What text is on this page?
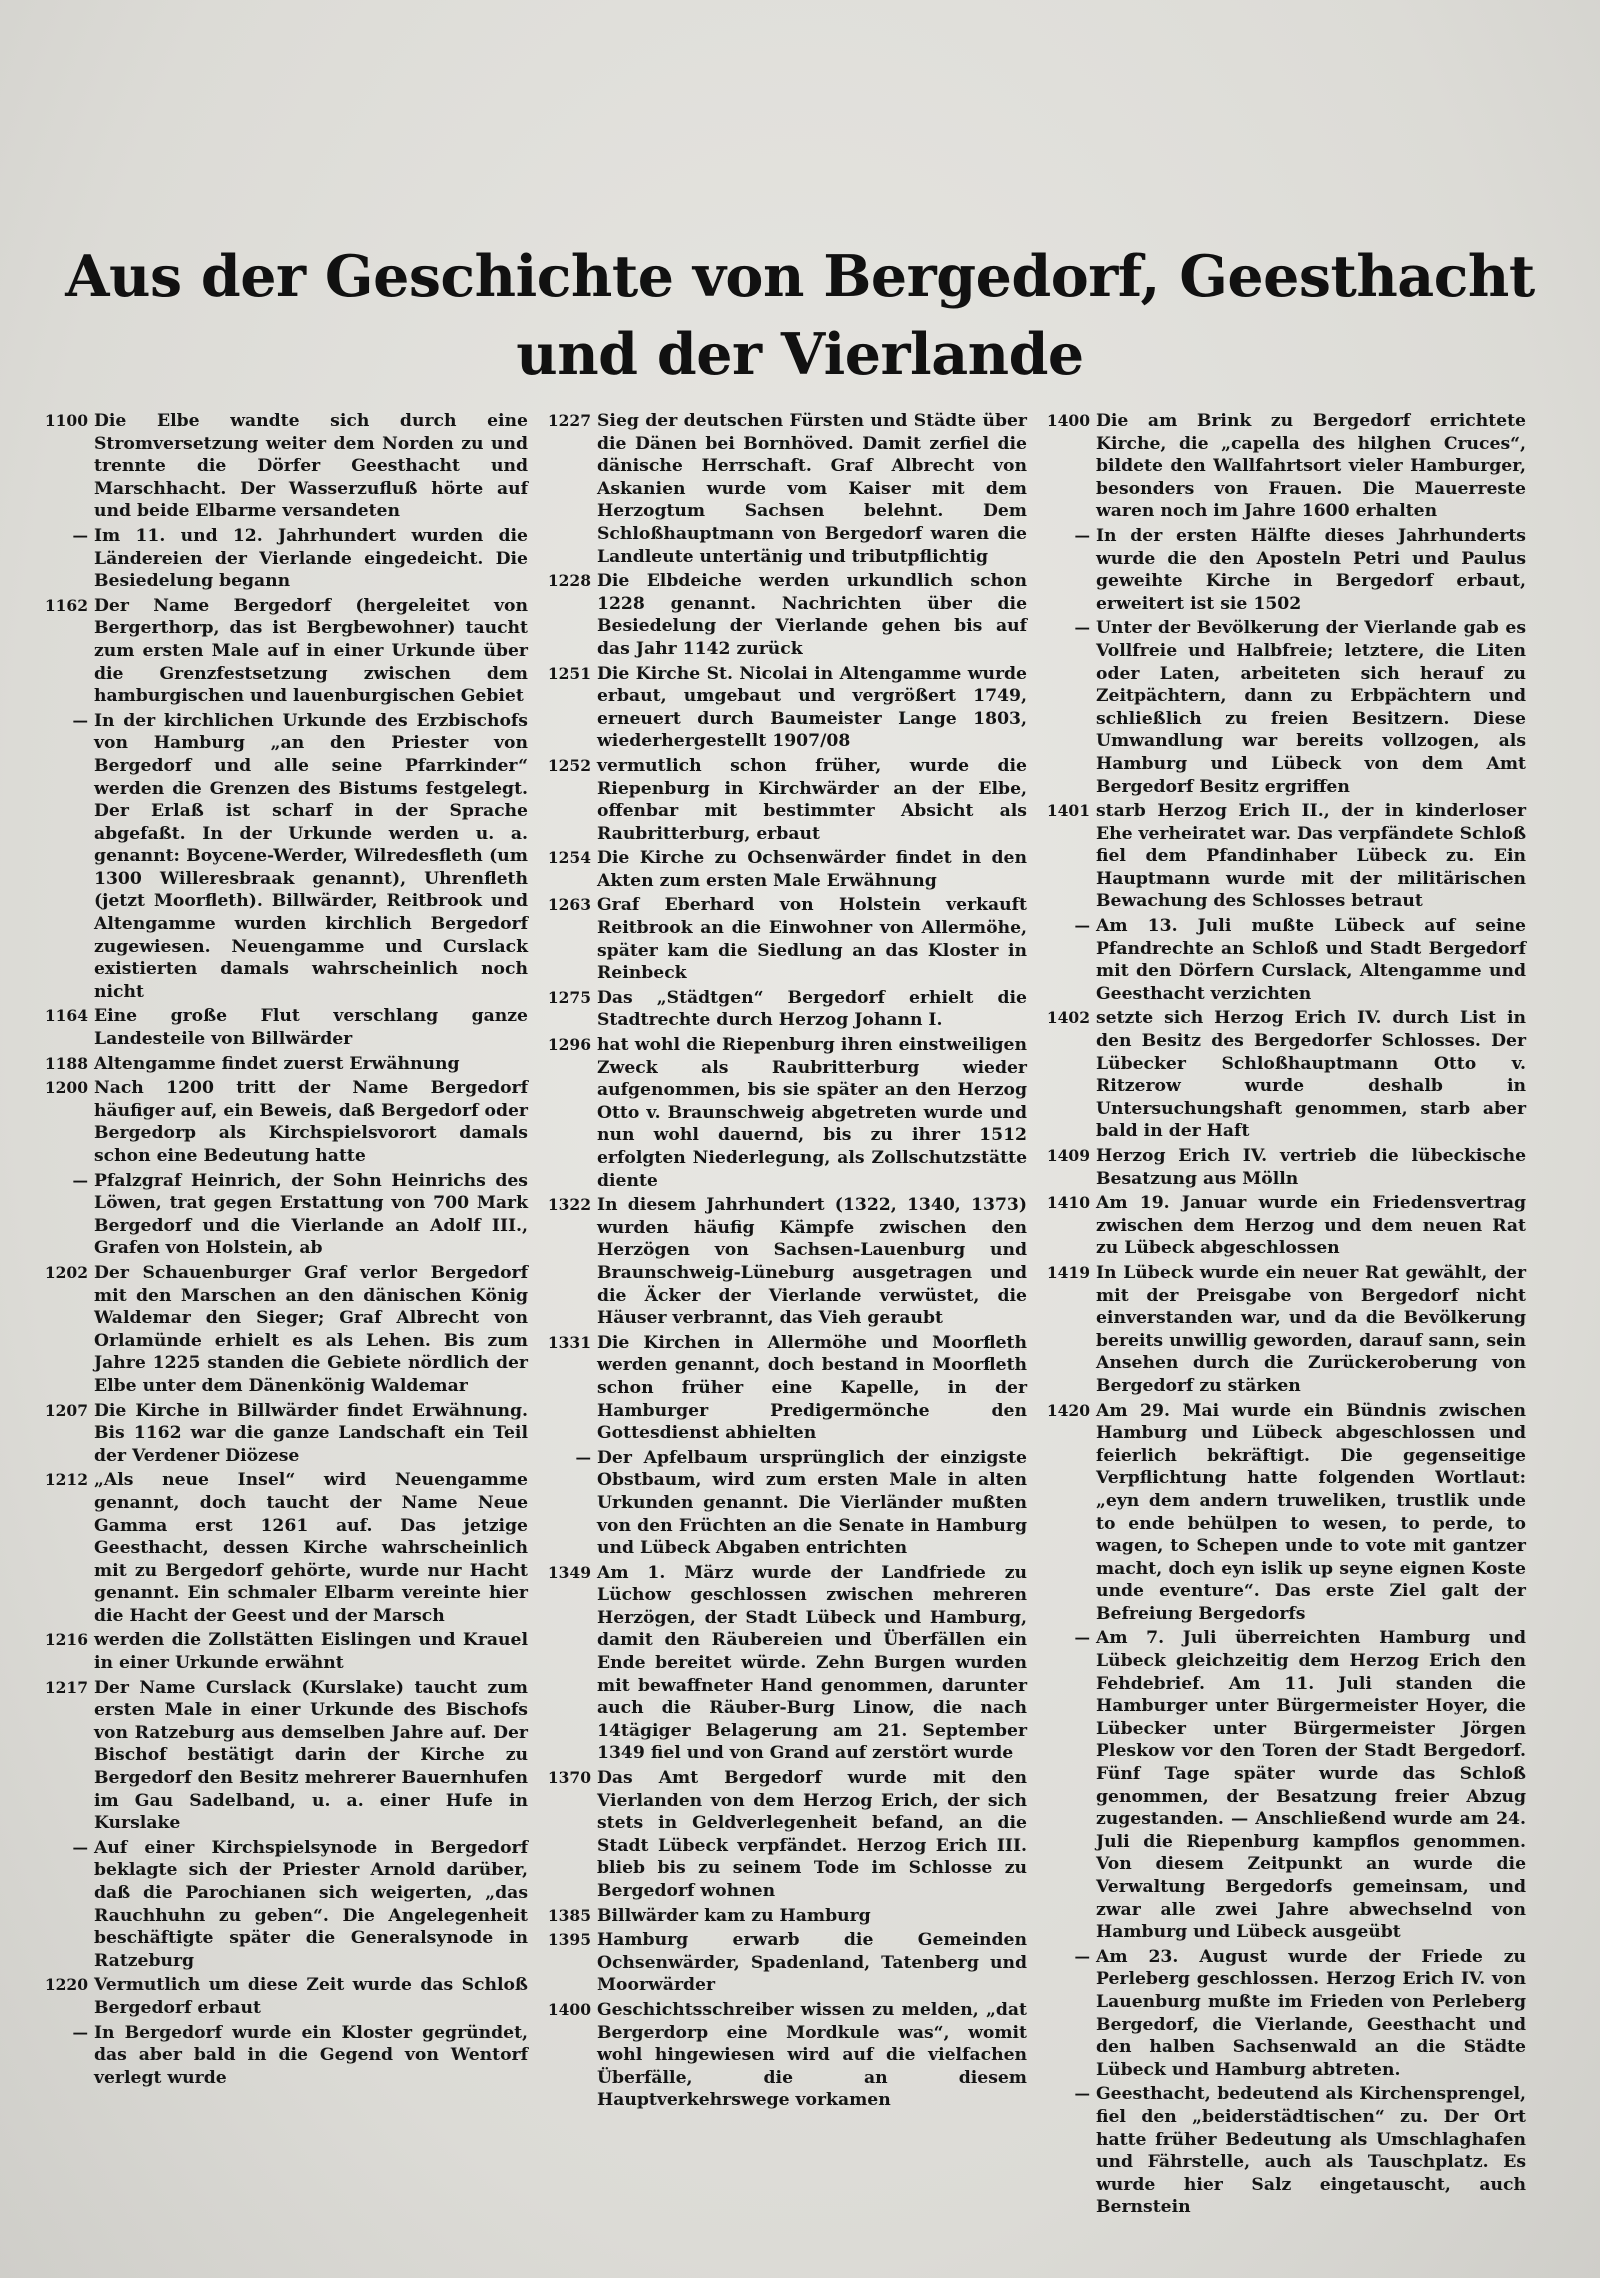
Aus der Geschichte von Bergedorf, Geesthacht
und der Vierlande
1100 Die Elbe wandte sich durch eine Stromversetzung weiter dem Norden zu und trennte die Dörfer Geesthacht und Marschhacht. Der Wasserzufluß hörte auf und beide Elbarme versandeten
— Im 11. und 12. Jahrhundert wurden die Ländereien der Vierlande eingedeicht. Die Besiedelung begann
1162 Der Name Bergedorf (hergeleitet von Bergerthorp, das ist Bergbewohner) taucht zum ersten Male auf in einer Urkunde über die Grenzfestsetzung zwischen dem hamburgischen und lauenburgischen Gebiet
— In der kirchlichen Urkunde des Erzbischofs von Hamburg „an den Priester von Bergedorf und alle seine Pfarrkinder“ werden die Grenzen des Bistums festgelegt. Der Erlaß ist scharf in der Sprache abgefaßt. In der Urkunde werden u. a. genannt: Boycene-Werder, Wilredesfleth (um 1300 Willeresbraak genannt), Uhrenfleth (jetzt Moorfleth). Billwärder, Reitbrook und Altengamme wurden kirchlich Bergedorf zugewiesen. Neuengamme und Curslack existierten damals wahrscheinlich noch nicht
1164 Eine große Flut verschlang ganze Landesteile von Billwärder
1188 Altengamme findet zuerst Erwähnung
1200 Nach 1200 tritt der Name Bergedorf häufiger auf, ein Beweis, daß Bergedorf oder Bergedorp als Kirchspielsvorort damals schon eine Bedeutung hatte
— Pfalzgraf Heinrich, der Sohn Heinrichs des Löwen, trat gegen Erstattung von 700 Mark Bergedorf und die Vierlande an Adolf III., Grafen von Holstein, ab
1202 Der Schauenburger Graf verlor Bergedorf mit den Marschen an den dänischen König Waldemar den Sieger; Graf Albrecht von Orlamünde erhielt es als Lehen. Bis zum Jahre 1225 standen die Gebiete nördlich der Elbe unter dem Dänenkönig Waldemar
1207 Die Kirche in Billwärder findet Erwähnung. Bis 1162 war die ganze Landschaft ein Teil der Verdener Diözese
1212 „Als neue Insel“ wird Neuengamme genannt, doch taucht der Name Neue Gamma erst 1261 auf. Das jetzige Geesthacht, dessen Kirche wahrscheinlich mit zu Bergedorf gehörte, wurde nur Hacht genannt. Ein schmaler Elbarm vereinte hier die Hacht der Geest und der Marsch
1216 werden die Zollstätten Eislingen und Krauel in einer Urkunde erwähnt
1217 Der Name Curslack (Kurslake) taucht zum ersten Male in einer Urkunde des Bischofs von Ratzeburg aus demselben Jahre auf. Der Bischof bestätigt darin der Kirche zu Bergedorf den Besitz mehrerer Bauernhufen im Gau Sadelband, u. a. einer Hufe in Kurslake
— Auf einer Kirchspielsynode in Bergedorf beklagte sich der Priester Arnold darüber, daß die Parochianen sich weigerten, „das Rauchhuhn zu geben“. Die Angelegenheit beschäftigte später die Generalsynode in Ratzeburg
1220 Vermutlich um diese Zeit wurde das Schloß Bergedorf erbaut
— In Bergedorf wurde ein Kloster gegründet, das aber bald in die Gegend von Wentorf verlegt wurde
1227 Sieg der deutschen Fürsten und Städte über die Dänen bei Bornhöved. Damit zerfiel die dänische Herrschaft. Graf Albrecht von Askanien wurde vom Kaiser mit dem Herzogtum Sachsen belehnt. Dem Schloßhauptmann von Bergedorf waren die Landleute untertänig und tributpflichtig
1228 Die Elbdeiche werden urkundlich schon 1228 genannt. Nachrichten über die Besiedelung der Vierlande gehen bis auf das Jahr 1142 zurück
1251 Die Kirche St. Nicolai in Altengamme wurde erbaut, umgebaut und vergrößert 1749, erneuert durch Baumeister Lange 1803, wiederhergestellt 1907/08
1252 vermutlich schon früher, wurde die Riepenburg in Kirchwärder an der Elbe, offenbar mit bestimmter Absicht als Raubritterburg, erbaut
1254 Die Kirche zu Ochsenwärder findet in den Akten zum ersten Male Erwähnung
1263 Graf Eberhard von Holstein verkauft Reitbrook an die Einwohner von Allermöhe, später kam die Siedlung an das Kloster in Reinbeck
1275 Das „Städtgen“ Bergedorf erhielt die Stadtrechte durch Herzog Johann I.
1296 hat wohl die Riepenburg ihren einstweiligen Zweck als Raubritterburg wieder aufgenommen, bis sie später an den Herzog Otto v. Braunschweig abgetreten wurde und nun wohl dauernd, bis zu ihrer 1512 erfolgten Niederlegung, als Zollschutzstätte diente
1322 In diesem Jahrhundert (1322, 1340, 1373) wurden häufig Kämpfe zwischen den Herzögen von Sachsen-Lauenburg und Braunschweig-Lüneburg ausgetragen und die Äcker der Vierlande verwüstet, die Häuser verbrannt, das Vieh geraubt
1331 Die Kirchen in Allermöhe und Moorfleth werden genannt, doch bestand in Moorfleth schon früher eine Kapelle, in der Hamburger Predigermönche den Gottesdienst abhielten
— Der Apfelbaum ursprünglich der einzigste Obstbaum, wird zum ersten Male in alten Urkunden genannt. Die Vierländer mußten von den Früchten an die Senate in Hamburg und Lübeck Abgaben entrichten
1349 Am 1. März wurde der Landfriede zu Lüchow geschlossen zwischen mehreren Herzögen, der Stadt Lübeck und Hamburg, damit den Räubereien und Überfällen ein Ende bereitet würde. Zehn Burgen wurden mit bewaffneter Hand genommen, darunter auch die Räuber-Burg Linow, die nach 14tägiger Belagerung am 21. September 1349 fiel und von Grand auf zerstört wurde
1370 Das Amt Bergedorf wurde mit den Vierlanden von dem Herzog Erich, der sich stets in Geldverlegenheit befand, an die Stadt Lübeck verpfändet. Herzog Erich III. blieb bis zu seinem Tode im Schlosse zu Bergedorf wohnen
1385 Billwärder kam zu Hamburg
1395 Hamburg erwarb die Gemeinden Ochsenwärder, Spadenland, Tatenberg und Moorwärder
1400 Geschichtsschreiber wissen zu melden, „dat Bergerdorp eine Mordkule was“, womit wohl hingewiesen wird auf die vielfachen Überfälle, die an diesem Hauptverkehrswege vorkamen
1400 Die am Brink zu Bergedorf errichtete Kirche, die „capella des hilghen Cruces“, bildete den Wallfahrtsort vieler Hamburger, besonders von Frauen. Die Mauerreste waren noch im Jahre 1600 erhalten
— In der ersten Hälfte dieses Jahrhunderts wurde die den Aposteln Petri und Paulus geweihte Kirche in Bergedorf erbaut, erweitert ist sie 1502
— Unter der Bevölkerung der Vierlande gab es Vollfreie und Halbfreie; letztere, die Liten oder Laten, arbeiteten sich herauf zu Zeitpächtern, dann zu Erbpächtern und schließlich zu freien Besitzern. Diese Umwandlung war bereits vollzogen, als Hamburg und Lübeck von dem Amt Bergedorf Besitz ergriffen
1401 starb Herzog Erich II., der in kinderloser Ehe verheiratet war. Das verpfändete Schloß fiel dem Pfandinhaber Lübeck zu. Ein Hauptmann wurde mit der militärischen Bewachung des Schlosses betraut
— Am 13. Juli mußte Lübeck auf seine Pfandrechte an Schloß und Stadt Bergedorf mit den Dörfern Curslack, Altengamme und Geesthacht verzichten
1402 setzte sich Herzog Erich IV. durch List in den Besitz des Bergedorfer Schlosses. Der Lübecker Schloßhauptmann Otto v. Ritzerow wurde deshalb in Untersuchungshaft genommen, starb aber bald in der Haft
1409 Herzog Erich IV. vertrieb die lübeckische Besatzung aus Mölln
1410 Am 19. Januar wurde ein Friedensvertrag zwischen dem Herzog und dem neuen Rat zu Lübeck abgeschlossen
1419 In Lübeck wurde ein neuer Rat gewählt, der mit der Preisgabe von Bergedorf nicht einverstanden war, und da die Bevölkerung bereits unwillig geworden, darauf sann, sein Ansehen durch die Zurückeroberung von Bergedorf zu stärken
1420 Am 29. Mai wurde ein Bündnis zwischen Hamburg und Lübeck abgeschlossen und feierlich bekräftigt. Die gegenseitige Verpflichtung hatte folgenden Wortlaut: „eyn dem andern truweliken, trustlik unde to ende behülpen to wesen, to perde, to wagen, to Schepen unde to vote mit gantzer macht, doch eyn islik up seyne eignen Koste unde eventure“. Das erste Ziel galt der Befreiung Bergedorfs
— Am 7. Juli überreichten Hamburg und Lübeck gleichzeitig dem Herzog Erich den Fehdebrief. Am 11. Juli standen die Hamburger unter Bürgermeister Hoyer, die Lübecker unter Bürgermeister Jörgen Pleskow vor den Toren der Stadt Bergedorf. Fünf Tage später wurde das Schloß genommen, der Besatzung freier Abzug zugestanden. — Anschließend wurde am 24. Juli die Riepenburg kampflos genommen. Von diesem Zeitpunkt an wurde die Verwaltung Bergedorfs gemeinsam, und zwar alle zwei Jahre abwechselnd von Hamburg und Lübeck ausgeübt
— Am 23. August wurde der Friede zu Perleberg geschlossen. Herzog Erich IV. von Lauenburg mußte im Frieden von Perleberg Bergedorf, die Vierlande, Geesthacht und den halben Sachsenwald an die Städte Lübeck und Hamburg abtreten.
— Geesthacht, bedeutend als Kirchensprengel, fiel den „beiderstädtischen“ zu. Der Ort hatte früher Bedeutung als Umschlaghafen und Fährstelle, auch als Tauschplatz. Es wurde hier Salz eingetauscht, auch Bernstein
